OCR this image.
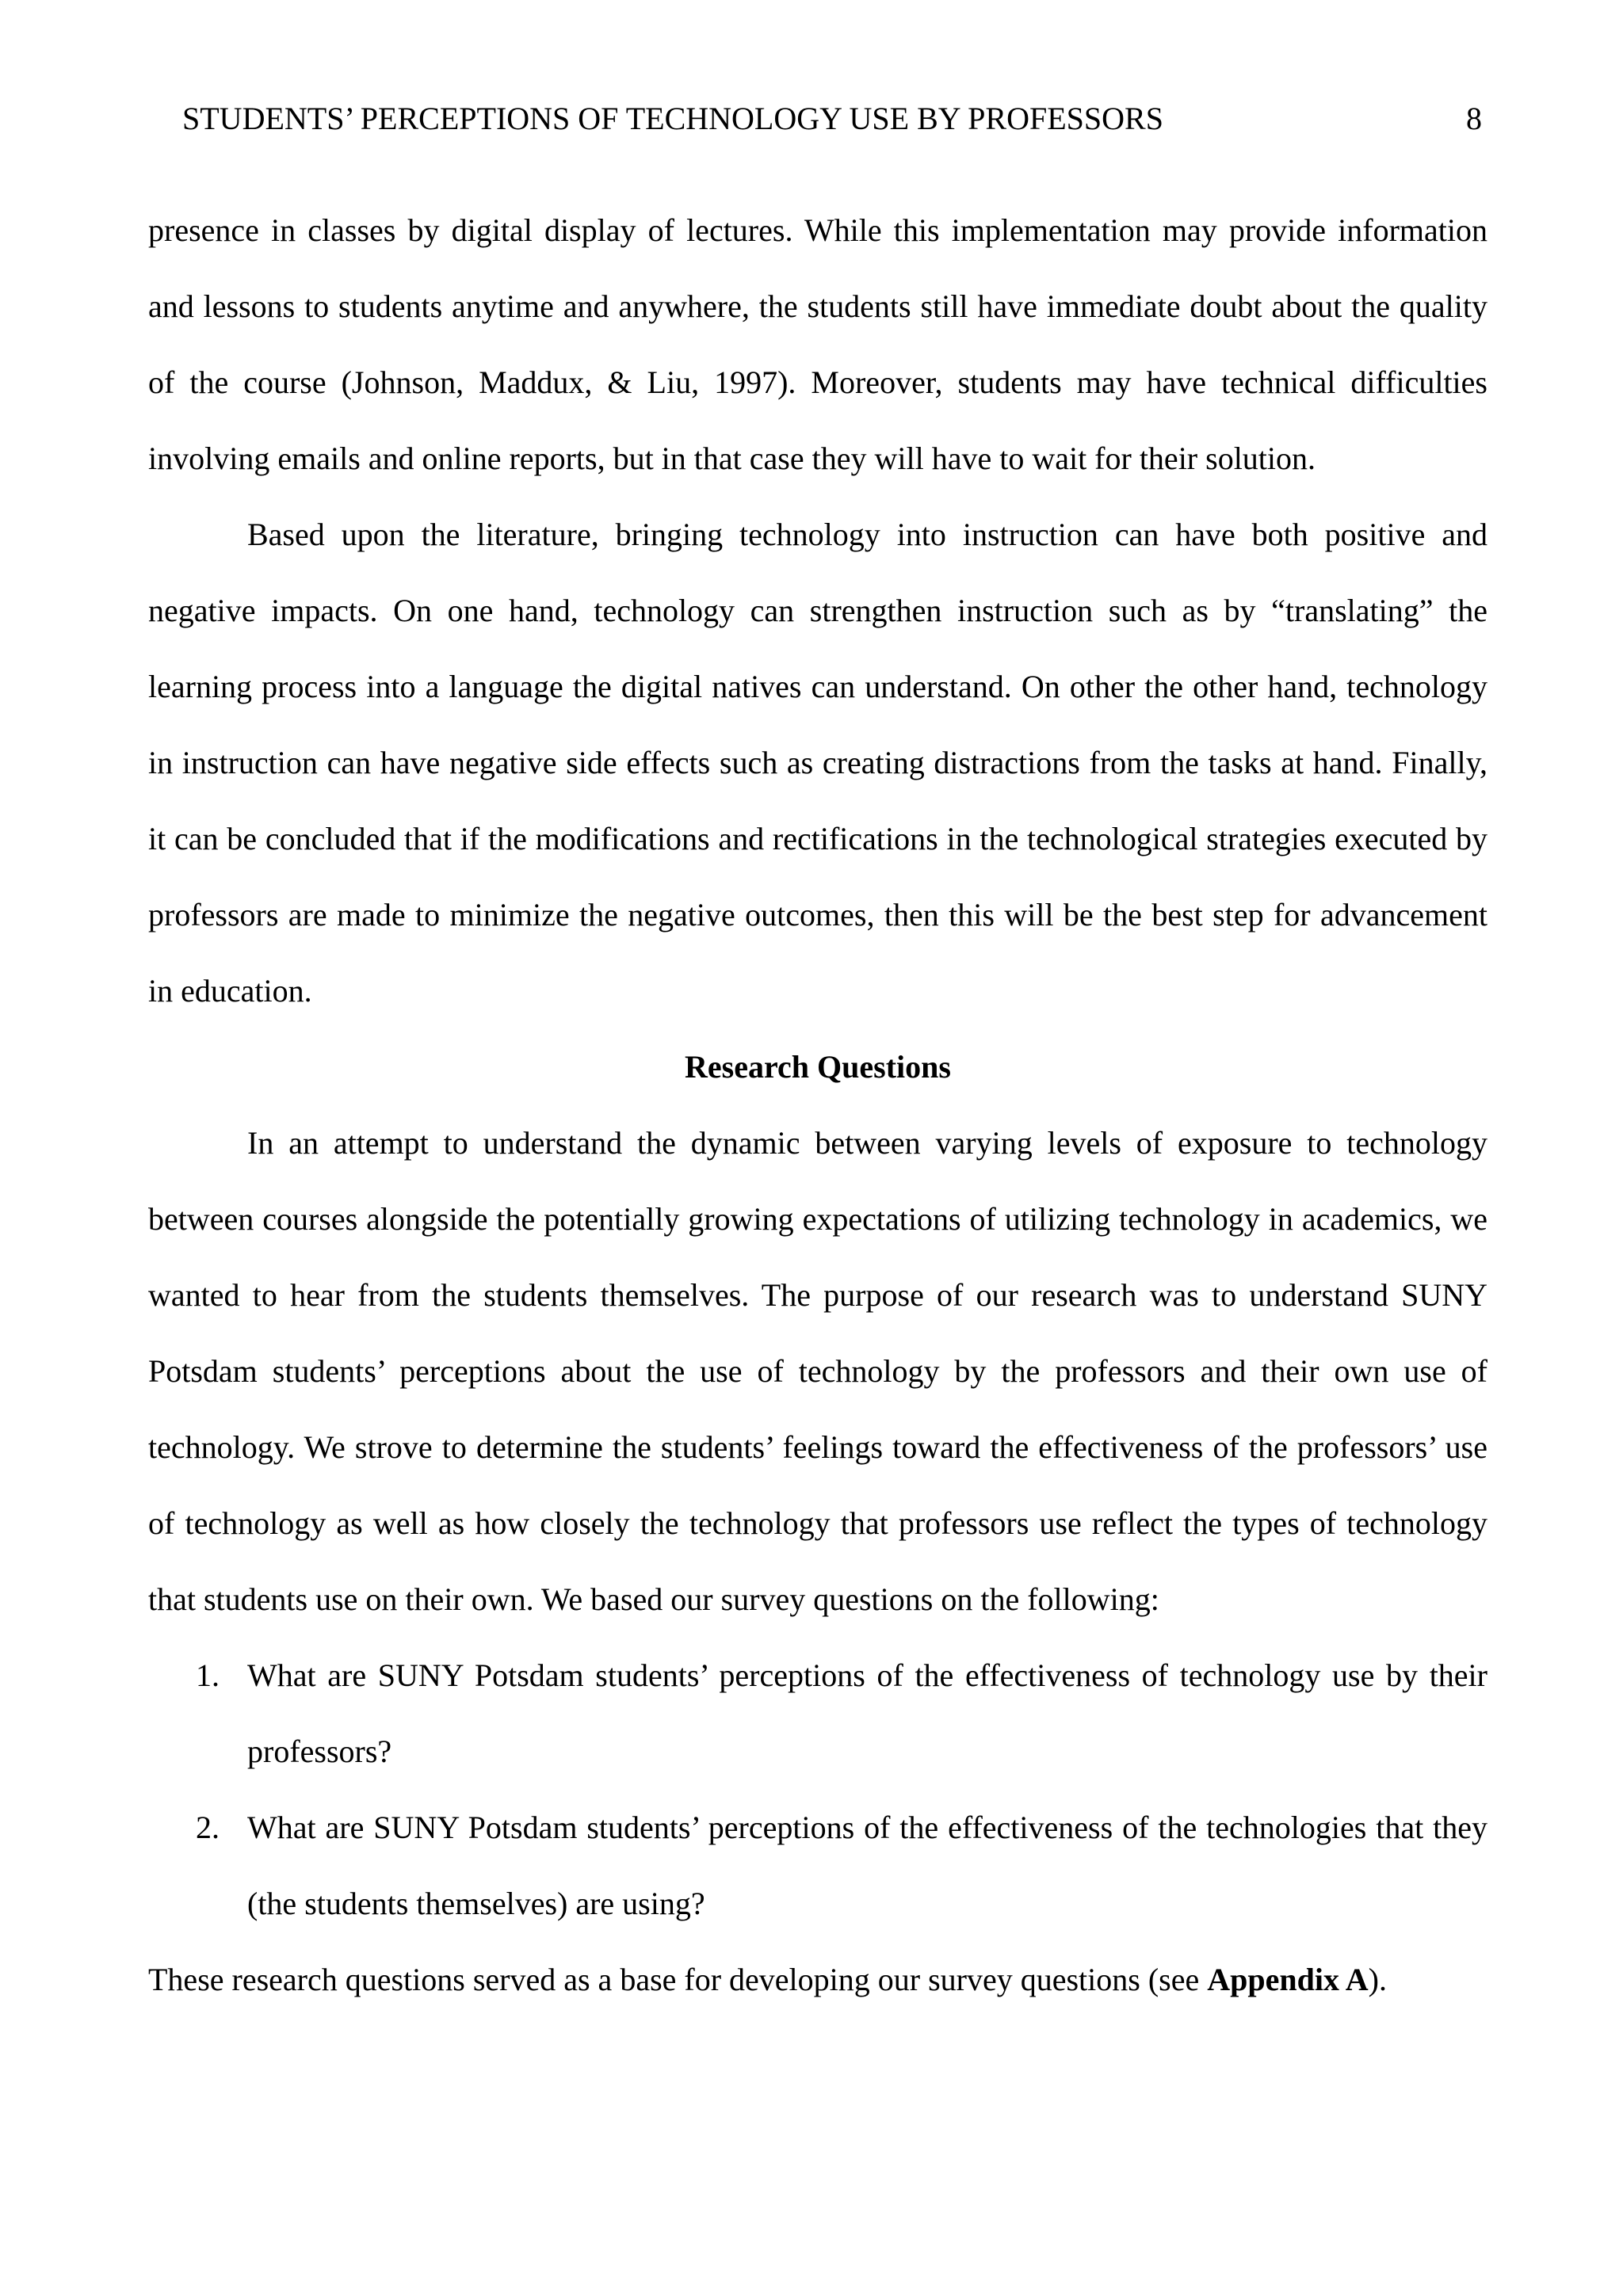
STUDENTS’ PERCEPTIONS OF TECHNOLOGY USE BY PROFESSORS	8

presence in classes by digital display of lectures. While this implementation may provide information and lessons to students anytime and anywhere, the students still have immediate doubt about the quality of the course (Johnson, Maddux, & Liu, 1997). Moreover, students may have technical difficulties involving emails and online reports, but in that case they will have to wait for their solution.

Based upon the literature, bringing technology into instruction can have both positive and negative impacts. On one hand, technology can strengthen instruction such as by “translating” the learning process into a language the digital natives can understand. On other the other hand, technology in instruction can have negative side effects such as creating distractions from the tasks at hand. Finally, it can be concluded that if the modifications and rectifications in the technological strategies executed by professors are made to minimize the negative outcomes, then this will be the best step for advancement in education.

Research Questions

In an attempt to understand the dynamic between varying levels of exposure to technology between courses alongside the potentially growing expectations of utilizing technology in academics, we wanted to hear from the students themselves. The purpose of our research was to understand SUNY Potsdam students’ perceptions about the use of technology by the professors and their own use of technology. We strove to determine the students’ feelings toward the effectiveness of the professors’ use of technology as well as how closely the technology that professors use reflect the types of technology that students use on their own. We based our survey questions on the following:

1. What are SUNY Potsdam students’ perceptions of the effectiveness of technology use by their professors?
2. What are SUNY Potsdam students’ perceptions of the effectiveness of the technologies that they (the students themselves) are using?

These research questions served as a base for developing our survey questions (see Appendix A).
